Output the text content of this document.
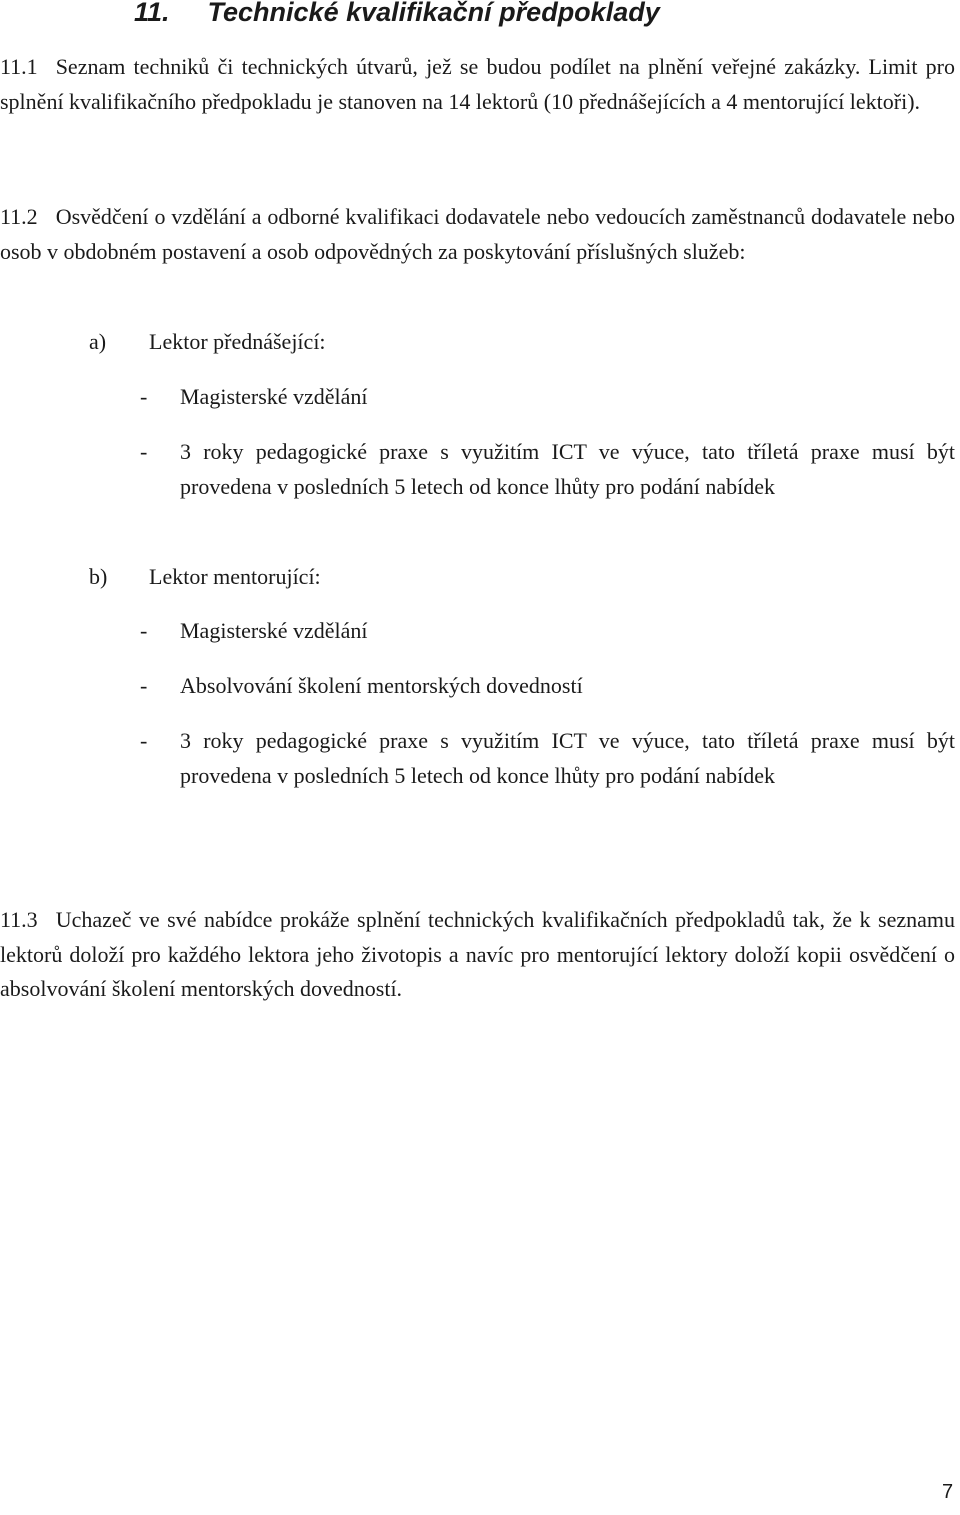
11. Technické kvalifikační předpoklady
11.1 Seznam techniků či technických útvarů, jež se budou podílet na plnění veřejné zakázky. Limit pro splnění kvalifikačního předpokladu je stanoven na 14 lektorů (10 přednášejících a 4 mentorující lektoři).
11.2 Osvědčení o vzdělání a odborné kvalifikaci dodavatele nebo vedoucích zaměstnanců dodavatele nebo osob v obdobném postavení a osob odpovědných za poskytování příslušných služeb:
a) Lektor přednášející:
-	Magisterské vzdělání
-	3 roky pedagogické praxe s využitím ICT ve výuce, tato tříletá praxe musí být provedena v posledních 5 letech od konce lhůty pro podání nabídek
b) Lektor mentorující:
-	Magisterské vzdělání
-	Absolvování školení mentorských dovedností
-	3 roky pedagogické praxe s využitím ICT ve výuce, tato tříletá praxe musí být provedena v posledních 5 letech od konce lhůty pro podání nabídek
11.3 Uchazeč ve své nabídce prokáže splnění technických kvalifikačních předpokladů tak, že k seznamu lektorů doloží pro každého lektora jeho životopis a navíc pro mentorující lektory doloží kopii osvědčení o absolvování školení mentorských dovedností.
7
